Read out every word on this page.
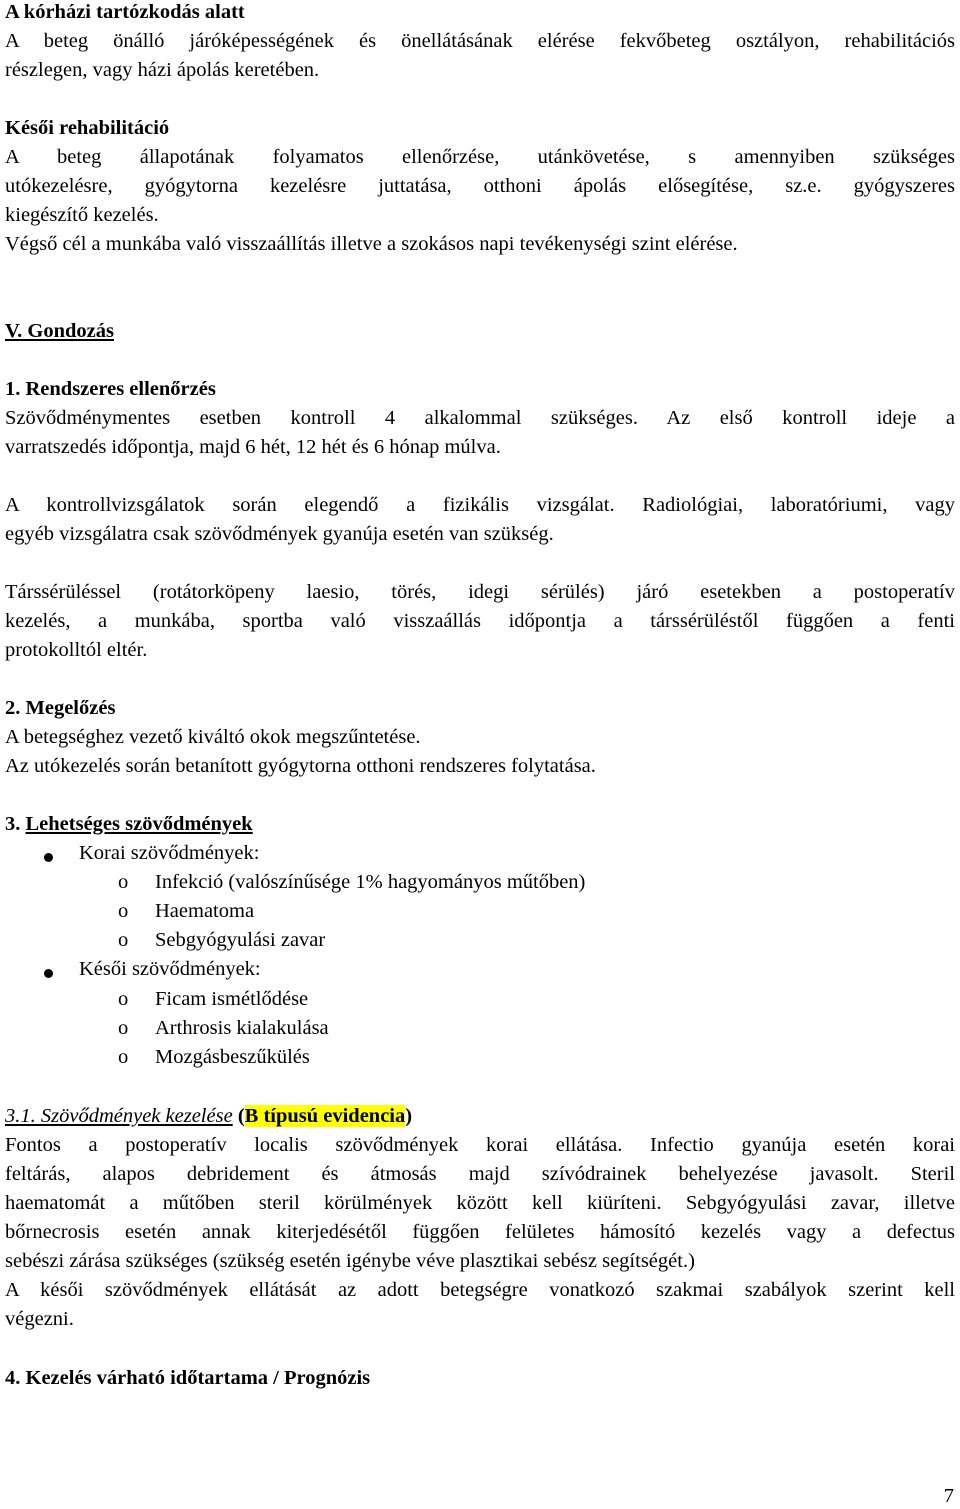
A kórházi tartózkodás alatt
A beteg önálló járóképességének és önellátásának elérése fekvőbeteg osztályon, rehabilitációs
részlegen, vagy házi ápolás keretében.
Késői rehabilitáció
A beteg állapotának folyamatos ellenőrzése, utánkövetése, s amennyiben szükséges
utókezelésre, gyógytorna kezelésre juttatása, otthoni ápolás elősegítése, sz.e. gyógyszeres
kiegészítő kezelés.
Végső cél a munkába való visszaállítás illetve a szokásos napi tevékenységi szint elérése.
V. Gondozás
1. Rendszeres ellenőrzés
Szövődménymentes esetben kontroll 4 alkalommal szükséges. Az első kontroll ideje a
varratszedés időpontja, majd 6 hét, 12 hét és 6 hónap múlva.
A kontrollvizsgálatok során elegendő a fizikális vizsgálat. Radiológiai, laboratóriumi, vagy
egyéb vizsgálatra csak szövődmények gyanúja esetén van szükség.
Társsérüléssel (rotátorköpeny laesio, törés, idegi sérülés) járó esetekben a postoperatív
kezelés, a munkába, sportba való visszaállás időpontja a társsérüléstől függően a fenti
protokolltól eltér.
2. Megelőzés
A betegséghez vezető kiváltó okok megszűntetése.
Az utókezelés során betanított gyógytorna otthoni rendszeres folytatása.
3. Lehetséges szövődmények
Korai szövődmények:
o Infekció (valószínűsége 1% hagyományos műtőben)
o Haematoma
o Sebgyógyulási zavar
Késői szövődmények:
o Ficam ismétlődése
o Arthrosis kialakulása
o Mozgásbeszűkülés
3.1. Szövődmények kezelése (B típusú evidencia)
Fontos a postoperatív localis szövődmények korai ellátása. Infectio gyanúja esetén korai
feltárás, alapos debridement és átmosás majd szívódrainek behelyezése javasolt. Steril
haematomát a műtőben steril körülmények között kell kiüríteni. Sebgyógyulási zavar, illetve
bőrnecrosis esetén annak kiterjedésétől függően felületes hámosító kezelés vagy a defectus
sebészi zárása szükséges (szükség esetén igénybe véve plasztikai sebész segítségét.)
A késői szövődmények ellátását az adott betegségre vonatkozó szakmai szabályok szerint kell
végezni.
4. Kezelés várható időtartama / Prognózis
7
